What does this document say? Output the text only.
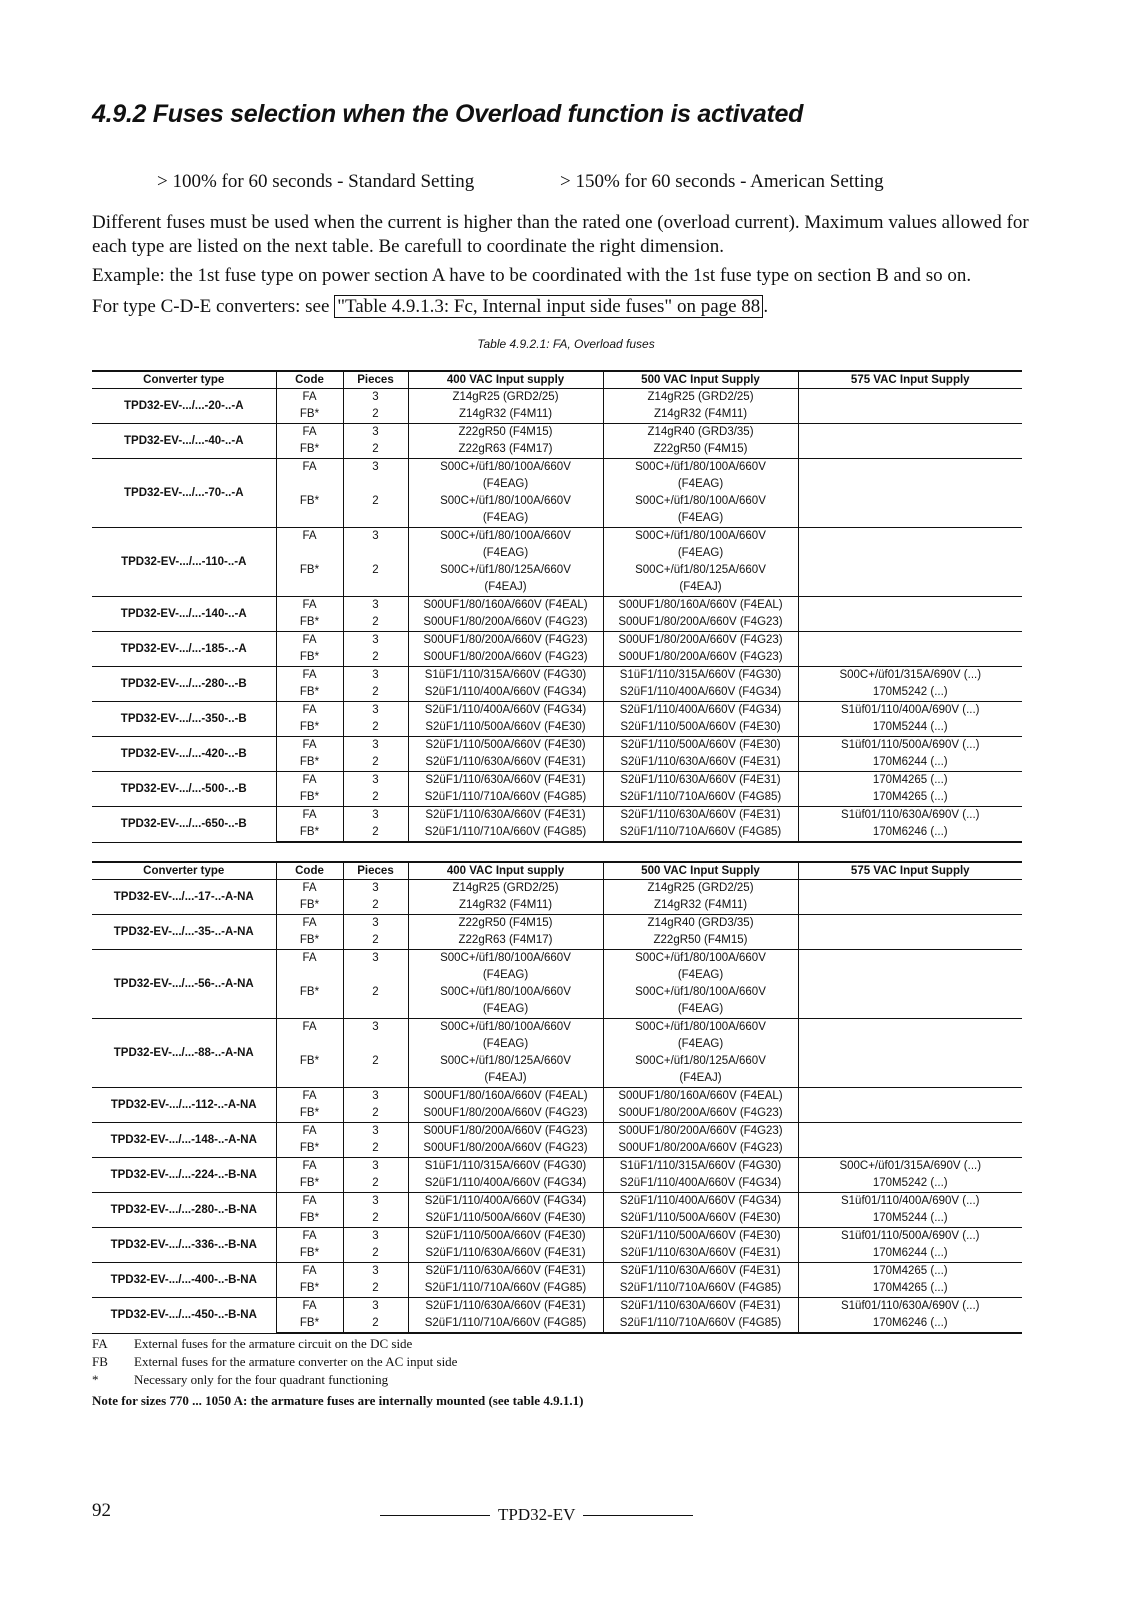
4.9.2 Fuses selection when the Overload function is activated
> 100% for 60 seconds - Standard Setting	> 150% for 60 seconds - American Setting
Different fuses must be used when the current is higher than the rated one (overload current). Maximum values allowed for each type are listed on the next table. Be carefull to coordinate the right dimension.
Example: the 1st fuse type on power section A have to be coordinated with the 1st fuse type on section B and so on.
For type C-D-E converters: see "Table 4.9.1.3: Fc, Internal input side fuses" on page 88 .
Table 4.9.2.1: FA, Overload fuses
Converter type	Code	Pieces	400 VAC Input supply	500 VAC Input Supply	575 VAC Input Supply
TPD32-EV-.../...-20-..-A	FA	3	Z14gR25 (GRD2/25)	Z14gR25 (GRD2/25)	
	FB*	2	Z14gR32 (F4M11)	Z14gR32 (F4M11)	
TPD32-EV-.../...-40-..-A	FA	3	Z22gR50 (F4M15)	Z14gR40 (GRD3/35)	
	FB*	2	Z22gR63 (F4M17)	Z22gR50 (F4M15)	
TPD32-EV-.../...-70-..-A	FA	3	S00C+/üf1/80/100A/660V	S00C+/üf1/80/100A/660V	
			(F4EAG)	(F4EAG)	
	FB*	2	S00C+/üf1/80/100A/660V	S00C+/üf1/80/100A/660V	
			(F4EAG)	(F4EAG)	
TPD32-EV-.../...-110-..-A	FA	3	S00C+/üf1/80/100A/660V	S00C+/üf1/80/100A/660V	
			(F4EAG)	(F4EAG)	
	FB*	2	S00C+/üf1/80/125A/660V	S00C+/üf1/80/125A/660V	
			(F4EAJ)	(F4EAJ)	
TPD32-EV-.../...-140-..-A	FA	3	S00UF1/80/160A/660V (F4EAL)	S00UF1/80/160A/660V (F4EAL)	
	FB*	2	S00UF1/80/200A/660V (F4G23)	S00UF1/80/200A/660V (F4G23)	
TPD32-EV-.../...-185-..-A	FA	3	S00UF1/80/200A/660V (F4G23)	S00UF1/80/200A/660V (F4G23)	
	FB*	2	S00UF1/80/200A/660V (F4G23)	S00UF1/80/200A/660V (F4G23)	
TPD32-EV-.../...-280-..-B	FA	3	S1üF1/110/315A/660V (F4G30)	S1üF1/110/315A/660V (F4G30)	S00C+/üf01/315A/690V (...)
	FB*	2	S2üF1/110/400A/660V (F4G34)	S2üF1/110/400A/660V (F4G34)	170M5242 (...)
TPD32-EV-.../...-350-..-B	FA	3	S2üF1/110/400A/660V (F4G34)	S2üF1/110/400A/660V (F4G34)	S1üf01/110/400A/690V (...)
	FB*	2	S2üF1/110/500A/660V (F4E30)	S2üF1/110/500A/660V (F4E30)	170M5244 (...)
TPD32-EV-.../...-420-..-B	FA	3	S2üF1/110/500A/660V (F4E30)	S2üF1/110/500A/660V (F4E30)	S1üf01/110/500A/690V (...)
	FB*	2	S2üF1/110/630A/660V (F4E31)	S2üF1/110/630A/660V (F4E31)	170M6244 (...)
TPD32-EV-.../...-500-..-B	FA	3	S2üF1/110/630A/660V (F4E31)	S2üF1/110/630A/660V (F4E31)	170M4265 (...)
	FB*	2	S2üF1/110/710A/660V (F4G85)	S2üF1/110/710A/660V (F4G85)	170M4265 (...)
TPD32-EV-.../...-650-..-B	FA	3	S2üF1/110/630A/660V (F4E31)	S2üF1/110/630A/660V (F4E31)	S1üf01/110/630A/690V (...)
	FB*	2	S2üF1/110/710A/660V (F4G85)	S2üF1/110/710A/660V (F4G85)	170M6246 (...)
Converter type	Code	Pieces	400 VAC Input supply	500 VAC Input Supply	575 VAC Input Supply
TPD32-EV-.../...-17-..-A-NA	FA	3	Z14gR25 (GRD2/25)	Z14gR25 (GRD2/25)	
	FB*	2	Z14gR32 (F4M11)	Z14gR32 (F4M11)	
TPD32-EV-.../...-35-..-A-NA	FA	3	Z22gR50 (F4M15)	Z14gR40 (GRD3/35)	
	FB*	2	Z22gR63 (F4M17)	Z22gR50 (F4M15)	
TPD32-EV-.../...-56-..-A-NA	FA	3	S00C+/üf1/80/100A/660V	S00C+/üf1/80/100A/660V	
			(F4EAG)	(F4EAG)	
	FB*	2	S00C+/üf1/80/100A/660V	S00C+/üf1/80/100A/660V	
			(F4EAG)	(F4EAG)	
TPD32-EV-.../...-88-..-A-NA	FA	3	S00C+/üf1/80/100A/660V	S00C+/üf1/80/100A/660V	
			(F4EAG)	(F4EAG)	
	FB*	2	S00C+/üf1/80/125A/660V	S00C+/üf1/80/125A/660V	
			(F4EAJ)	(F4EAJ)	
TPD32-EV-.../...-112-..-A-NA	FA	3	S00UF1/80/160A/660V (F4EAL)	S00UF1/80/160A/660V (F4EAL)	
	FB*	2	S00UF1/80/200A/660V (F4G23)	S00UF1/80/200A/660V (F4G23)	
TPD32-EV-.../...-148-..-A-NA	FA	3	S00UF1/80/200A/660V (F4G23)	S00UF1/80/200A/660V (F4G23)	
	FB*	2	S00UF1/80/200A/660V (F4G23)	S00UF1/80/200A/660V (F4G23)	
TPD32-EV-.../...-224-..-B-NA	FA	3	S1üF1/110/315A/660V (F4G30)	S1üF1/110/315A/660V (F4G30)	S00C+/üf01/315A/690V (...)
	FB*	2	S2üF1/110/400A/660V (F4G34)	S2üF1/110/400A/660V (F4G34)	170M5242 (...)
TPD32-EV-.../...-280-..-B-NA	FA	3	S2üF1/110/400A/660V (F4G34)	S2üF1/110/400A/660V (F4G34)	S1üf01/110/400A/690V (...)
	FB*	2	S2üF1/110/500A/660V (F4E30)	S2üF1/110/500A/660V (F4E30)	170M5244 (...)
TPD32-EV-.../...-336-..-B-NA	FA	3	S2üF1/110/500A/660V (F4E30)	S2üF1/110/500A/660V (F4E30)	S1üf01/110/500A/690V (...)
	FB*	2	S2üF1/110/630A/660V (F4E31)	S2üF1/110/630A/660V (F4E31)	170M6244 (...)
TPD32-EV-.../...-400-..-B-NA	FA	3	S2üF1/110/630A/660V (F4E31)	S2üF1/110/630A/660V (F4E31)	170M4265 (...)
	FB*	2	S2üF1/110/710A/660V (F4G85)	S2üF1/110/710A/660V (F4G85)	170M4265 (...)
TPD32-EV-.../...-450-..-B-NA	FA	3	S2üF1/110/630A/660V (F4E31)	S2üF1/110/630A/660V (F4E31)	S1üf01/110/630A/690V (...)
	FB*	2	S2üF1/110/710A/660V (F4G85)	S2üF1/110/710A/660V (F4G85)	170M6246 (...)
FA External fuses for the armature circuit on the DC side
FB External fuses for the armature converter on the AC input side
*	Necessary only for the four quadrant functioning
Note for sizes 770 ... 1050 A: the armature fuses are internally mounted (see table 4.9.1.1)
92	TPD32-EV
